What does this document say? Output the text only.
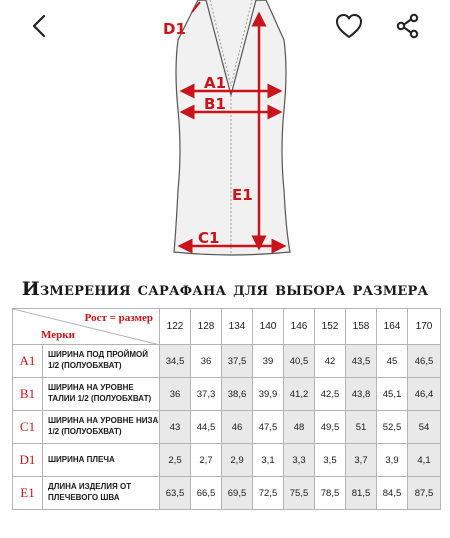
D1
A1
B1
E1
C1
Измерения сарафана для выбора размера
Рост = размер
Мерки		122	128	134	140	146	152	158	164	170
A1	ШИРИНА ПОД ПРОЙМОЙ 1/2 (ПОЛУОБХВАТ)	34,5	36	37,5	39	40,5	42	43,5	45	46,5
B1	ШИРИНА НА УРОВНЕ ТАЛИИ 1/2 (ПОЛУОБХВАТ)	36	37,3	38,6	39,9	41,2	42,5	43,8	45,1	46,4
C1	ШИРИНА НА УРОВНЕ НИЗА 1/2 (ПОЛУОБХВАТ)	43	44,5	46	47,5	48	49,5	51	52,5	54
D1	ШИРИНА ПЛЕЧА	2,5	2,7	2,9	3,1	3,3	3,5	3,7	3,9	4,1
E1	ДЛИНА ИЗДЕЛИЯ ОТ ПЛЕЧЕВОГО ШВА	63,5	66,5	69,5	72,5	75,5	78,5	81,5	84,5	87,5
